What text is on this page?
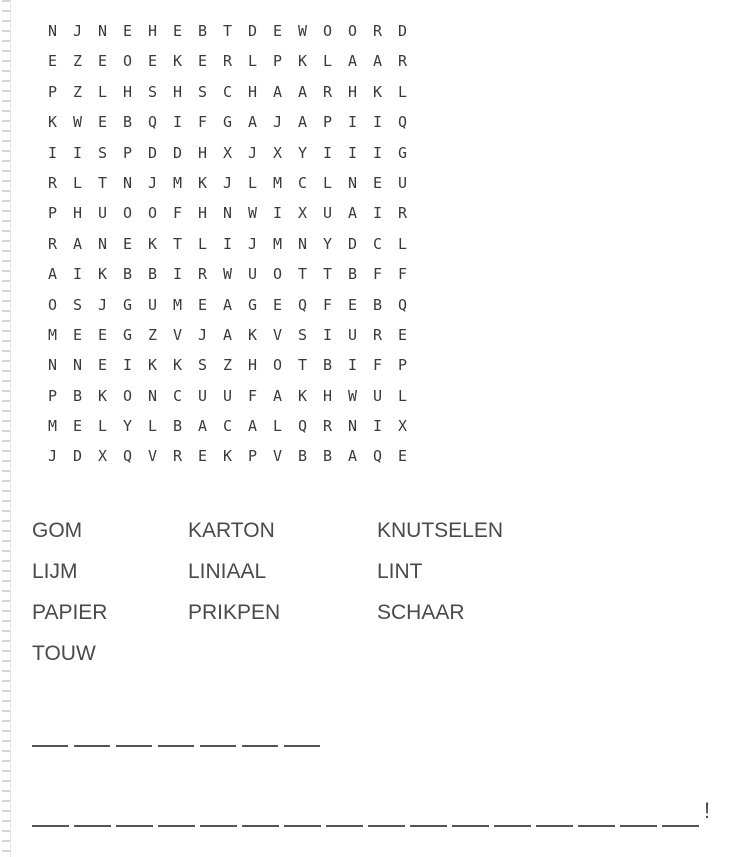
N	J	N	E	H	E	B	T	D	E	W	O	O	R	D
E	Z	E	O	E	K	E	R	L	P	K	L	A	A	R
P	Z	L	H	S	H	S	C	H	A	A	R	H	K	L
K	W	E	B	Q	I	F	G	A	J	A	P	I	I	Q
I	I	S	P	D	D	H	X	J	X	Y	I	I	I	G
R	L	T	N	J	M	K	J	L	M	C	L	N	E	U
P	H	U	O	O	F	H	N	W	I	X	U	A	I	R
R	A	N	E	K	T	L	I	J	M	N	Y	D	C	L
A	I	K	B	B	I	R	W	U	O	T	T	B	F	F
O	S	J	G	U	M	E	A	G	E	Q	F	E	B	Q
M	E	E	G	Z	V	J	A	K	V	S	I	U	R	E
N	N	E	I	K	K	S	Z	H	O	T	B	I	F	P
P	B	K	O	N	C	U	U	F	A	K	H	W	U	L
M	E	L	Y	L	B	A	C	A	L	Q	R	N	I	X
J	D	X	Q	V	R	E	K	P	V	B	B	A	Q	E
GOM	KARTON	KNUTSELEN
LIJM	LINIAAL	LINT
PAPIER	PRIKPEN	SCHAAR
TOUW
!
